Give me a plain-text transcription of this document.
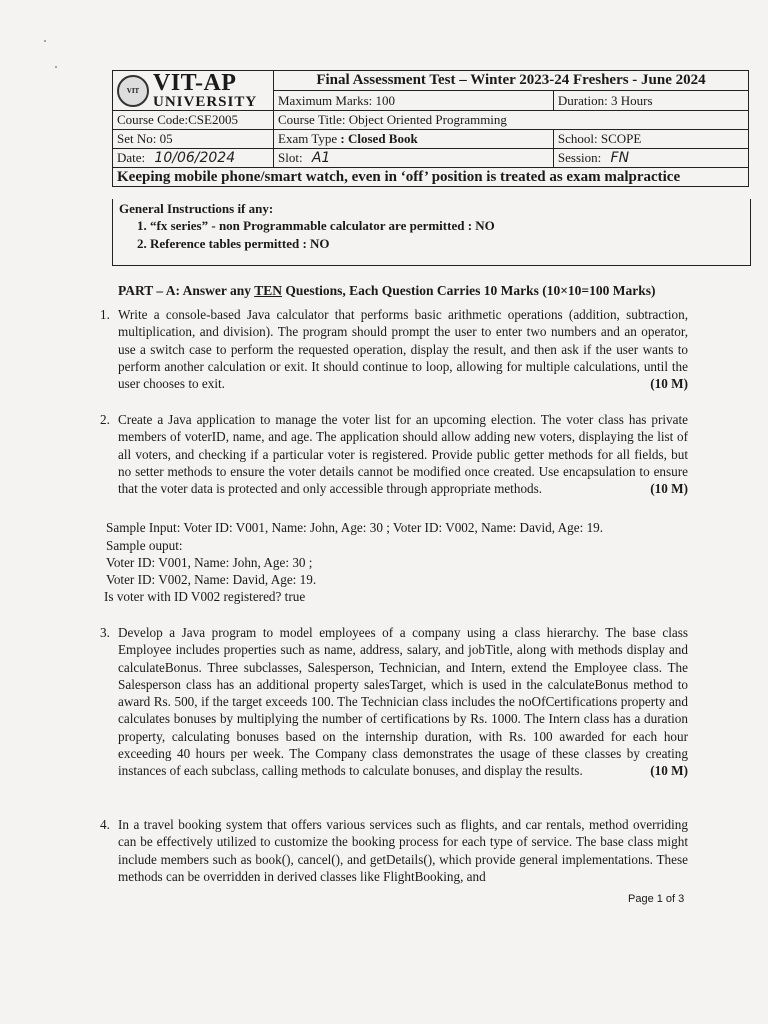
VIT VIT-AP
UNIVERSITY	Final Assessment Test – Winter 2023-24 Freshers - June 2024	
	Maximum Marks: 100	Duration: 3 Hours
Course Code:CSE2005	Course Title: Object Oriented Programming	
Set No: 05	Exam Type : Closed Book	School: SCOPE
Date: 10/06/2024	Slot: A1	Session: FN
Keeping mobile phone/smart watch, even in ‘off’ position is treated as exam malpractice		
General Instructions if any:
1. “fx series” - non Programmable calculator are permitted : NO
2. Reference tables permitted : NO
PART – A: Answer any TEN Questions, Each Question Carries 10 Marks (10×10=100 Marks)
1. Write a console-based Java calculator that performs basic arithmetic operations (addition, subtraction, multiplication, and division). The program should prompt the user to enter two numbers and an operator, use a switch case to perform the requested operation, display the result, and then ask if the user wants to perform another calculation or exit. It should continue to loop, allowing for multiple calculations, until the user chooses to exit.	(10 M)
2. Create a Java application to manage the voter list for an upcoming election. The voter class has private members of voterID, name, and age. The application should allow adding new voters, displaying the list of all voters, and checking if a particular voter is registered. Provide public getter methods for all fields, but no setter methods to ensure the voter details cannot be modified once created. Use encapsulation to ensure that the voter data is protected and only accessible through appropriate methods.	(10 M)
Sample Input: Voter ID: V001, Name: John, Age: 30 ; Voter ID: V002, Name: David, Age: 19.
Sample ouput:
Voter ID: V001, Name: John, Age: 30 ;
Voter ID: V002, Name: David, Age: 19.
Is voter with ID V002 registered? true
3. Develop a Java program to model employees of a company using a class hierarchy. The base class Employee includes properties such as name, address, salary, and jobTitle, along with methods display and calculateBonus. Three subclasses, Salesperson, Technician, and Intern, extend the Employee class. The Salesperson class has an additional property salesTarget, which is used in the calculateBonus method to award Rs. 500, if the target exceeds 100. The Technician class includes the noOfCertifications property and calculates bonuses by multiplying the number of certifications by Rs. 1000. The Intern class has a duration property, calculating bonuses based on the internship duration, with Rs. 100 awarded for each hour exceeding 40 hours per week. The Company class demonstrates the usage of these classes by creating instances of each subclass, calling methods to calculate bonuses, and display the results.	(10 M)
4. In a travel booking system that offers various services such as flights, and car rentals, method overriding can be effectively utilized to customize the booking process for each type of service. The base class might include members such as book(), cancel(), and getDetails(), which provide general implementations. These methods can be overridden in derived classes like FlightBooking, and
Page 1 of 3
